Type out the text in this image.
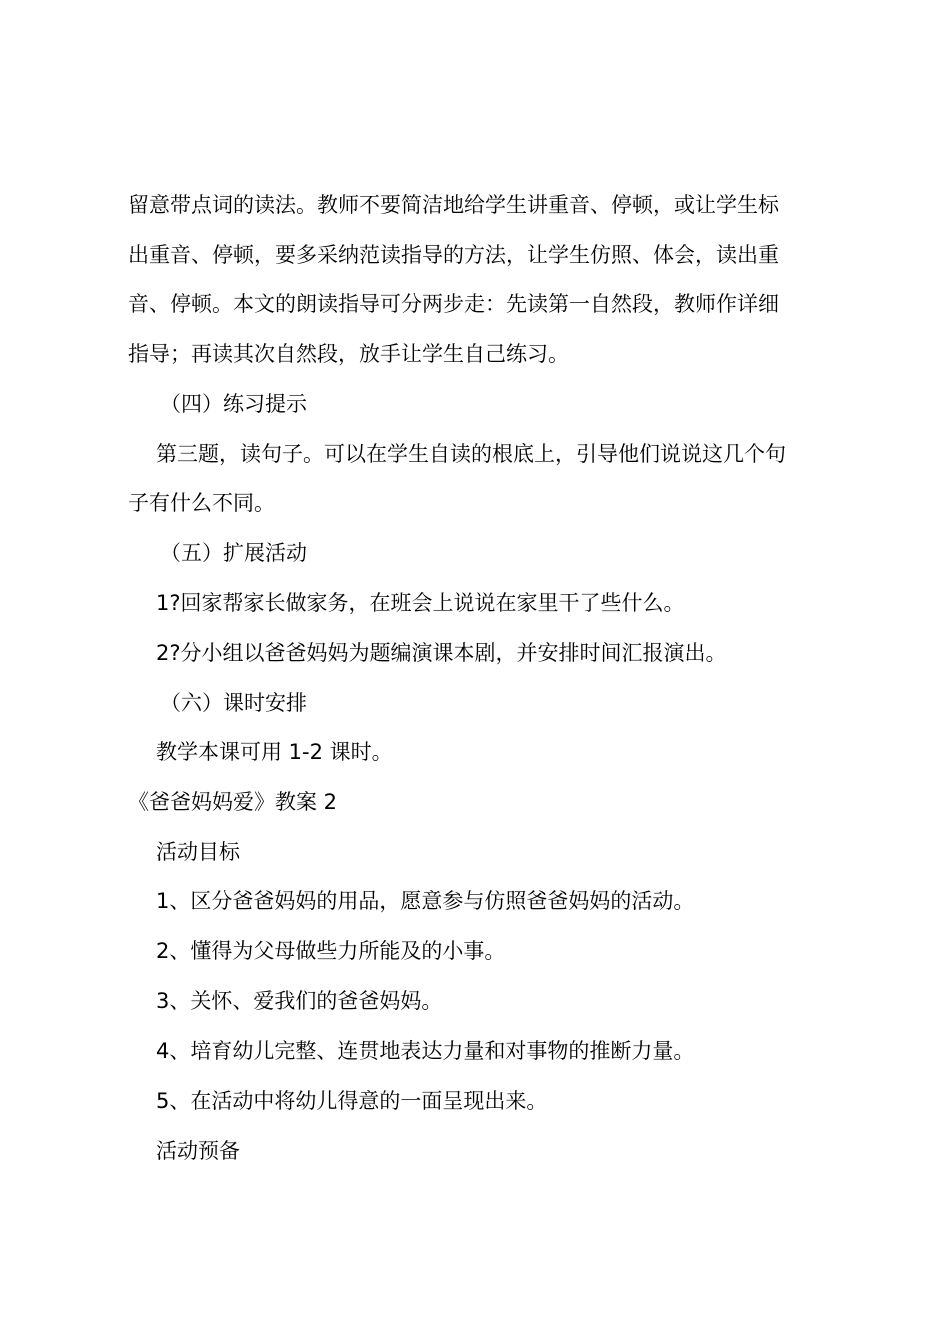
留意带点词的读法。教师不要简洁地给学生讲重音、停顿，或让学生标
出重音、停顿，要多采纳范读指导的方法，让学生仿照、体会，读出重
音、停顿。本文的朗读指导可分两步走：先读第一自然段，教师作详细
指导；再读其次自然段，放手让学生自己练习。
（四）练习提示
第三题，读句子。可以在学生自读的根底上，引导他们说说这几个句
子有什么不同。
（五）扩展活动
1?回家帮家长做家务，在班会上说说在家里干了些什么。
2?分小组以爸爸妈妈为题编演课本剧，并安排时间汇报演出。
（六）课时安排
教学本课可用 1-2 课时。
《爸爸妈妈爱》教案 2
活动目标
1、区分爸爸妈妈的用品，愿意参与仿照爸爸妈妈的活动。
2、懂得为父母做些力所能及的小事。
3、关怀、爱我们的爸爸妈妈。
4、培育幼儿完整、连贯地表达力量和对事物的推断力量。
5、在活动中将幼儿得意的一面呈现出来。
活动预备
